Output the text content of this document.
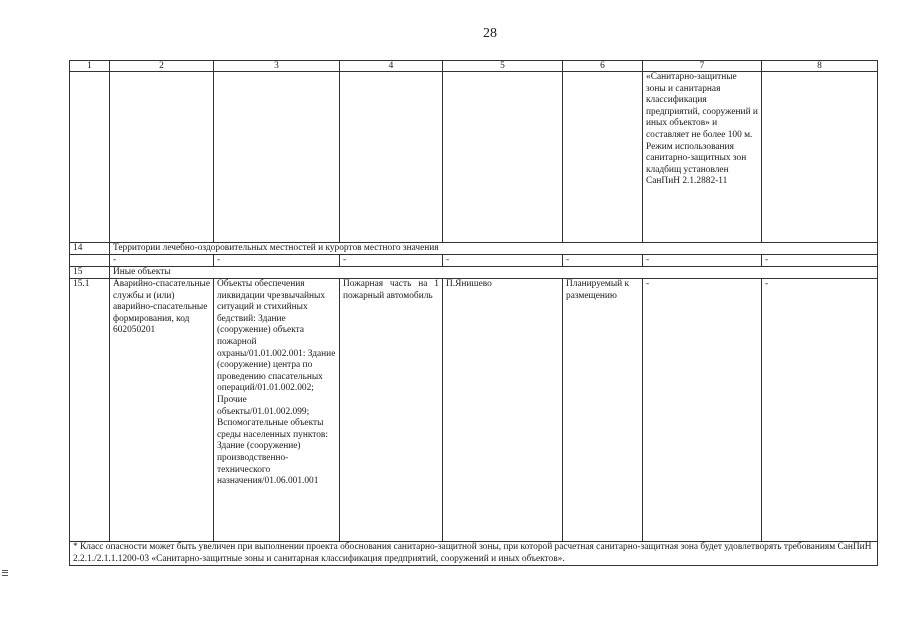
28
1	2	3	4	5	6	7	8
						«Санитарно-защитные зоны и санитарная классификация предприятий, сооружений и иных объектов» и составляет не более 100 м. Режим использования санитарно-защитных зон кладбищ установлен СанПиН 2.1.2882-11	
14	Территории лечебно-оздоровительных местностей и курортов местного значения						
	-	-	-	-	-	-	-
15	Иные объекты						
15.1	Аварийно-спасательные службы и (или) аварийно-спасательные формирования, код 602050201	Объекты обеспечения ликвидации чрезвычайных ситуаций и стихийных бедствий: Здание (сооружение) объекта пожарной охраны/01.01.002.001: Здание (сооружение) центра по проведению спасательных операций/01.01.002.002; Прочие объекты/01.01.002.099; Вспомогательные объекты среды населенных пунктов: Здание (сооружение) производственно-технического назначения/01.06.001.001	Пожарная часть на 1 пожарный автомобиль	П.Янишево	Планируемый к размещению	-	-
* Класс опасности может быть увеличен при выполнении проекта обоснования санитарно-защитной зоны, при которой расчетная санитарно-защитная зона будет удовлетворять требованиям СанПиН 2.2.1./2.1.1.1200-03 «Санитарно-защитные зоны и санитарная классификация предприятий, сооружений и иных объектов».							
